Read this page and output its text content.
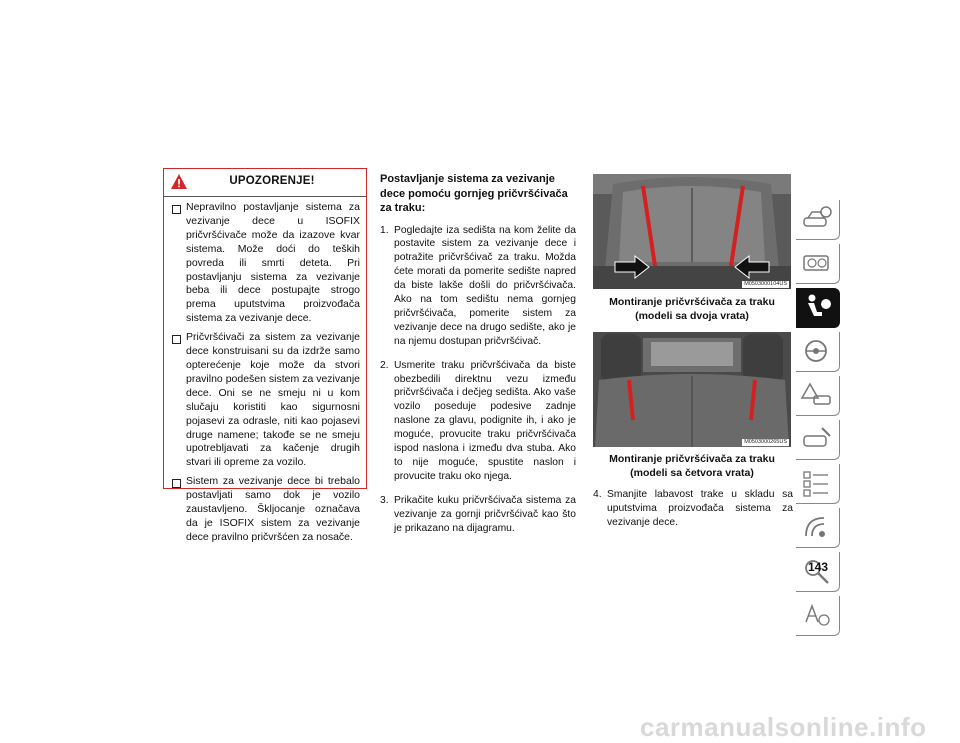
UPOZORENJE!
Nepravilno postavljanje sistema za vezivanje dece u ISOFIX pričvršćivače može da izazove kvar sistema. Može doći do teških povreda ili smrti deteta. Pri postavljanju sistema za vezivanje beba ili dece postupajte strogo prema uputstvima proizvođača sistema za vezivanje dece.
Pričvršćivači za sistem za vezivanje dece konstruisani su da izdrže samo opterećenje koje može da stvori pravilno podešen sistem za vezivanje dece. Oni se ne smeju ni u kom slučaju koristiti kao sigurnosni pojasevi za odrasle, niti kao pojasevi druge namene; takođe se ne smeju upotrebljavati za kačenje drugih stvari ili opreme za vozilo.
Sistem za vezivanje dece bi trebalo postavljati samo dok je vozilo zaustavljeno. Škljocanje označava da je ISOFIX sistem za vezivanje dece pravilno pričvršćen za nosače.
Postavljanje sistema za vezivanje dece pomoću gornjeg pričvršćivača za traku:
1. Pogledajte iza sedišta na kom želite da postavite sistem za vezivanje dece i potražite pričvršćivač za traku. Možda ćete morati da pomerite sedište napred da biste lakše došli do pričvršćivača. Ako na tom sedištu nema gornjeg pričvršćivača, pomerite sistem za vezivanje dece na drugo sedište, ako je na njemu dostupan pričvršćivač.
2. Usmerite traku pričvršćivača da biste obezbedili direktnu vezu između pričvršćivača i dečjeg sedišta. Ako vaše vozilo poseduje podesive zadnje naslone za glavu, podignite ih, i ako je moguće, provucite traku pričvršćivača ispod naslona i između dva stuba. Ako to nije moguće, spustite naslon i provucite traku oko njega.
3. Prikačite kuku pričvršćivača sistema za vezivanje za gornji pričvršćivač kao što je prikazano na dijagramu.
M0503000104US
Montiranje pričvršćivača za traku (modeli sa dvoja vrata)
M0503000265US
Montiranje pričvršćivača za traku (modeli sa četvora vrata)
4. Smanjite labavost trake u skladu sa uputstvima proizvođača sistema za vezivanje dece.
143
carmanualsonline.info
